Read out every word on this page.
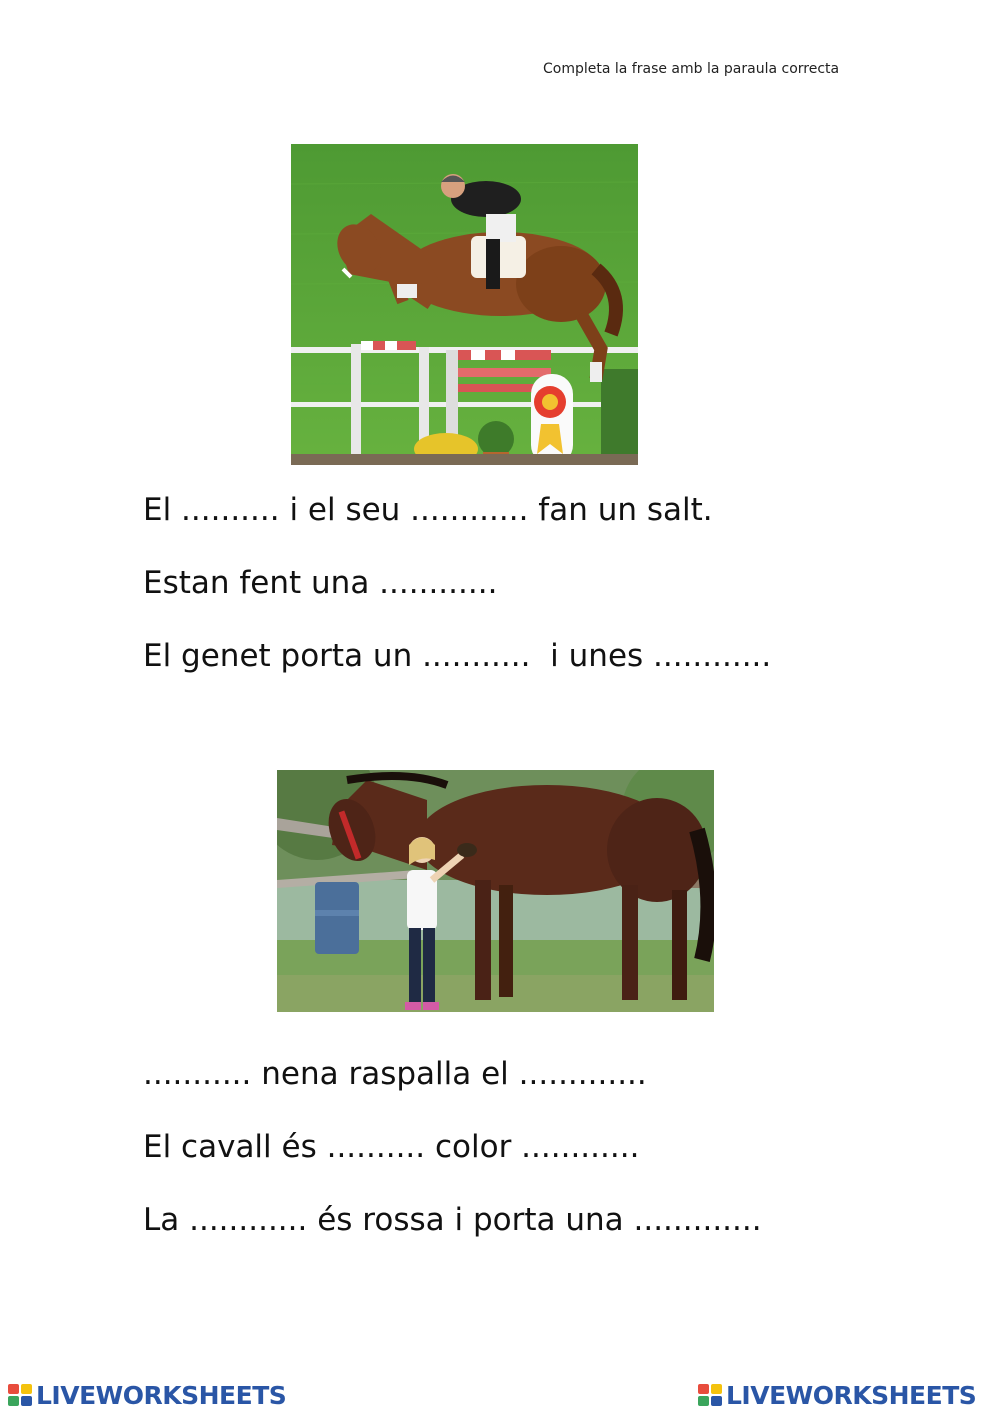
Completa la frase amb la paraula correcta
El .......... i el seu ............ fan un salt.
Estan fent una ............
El genet porta un ...........  i unes ............
........... nena raspalla el .............
El cavall és .......... color ............
La ............ és rossa i porta una .............
LIVEWORKSHEETS	LIVEWORKSHEETS
